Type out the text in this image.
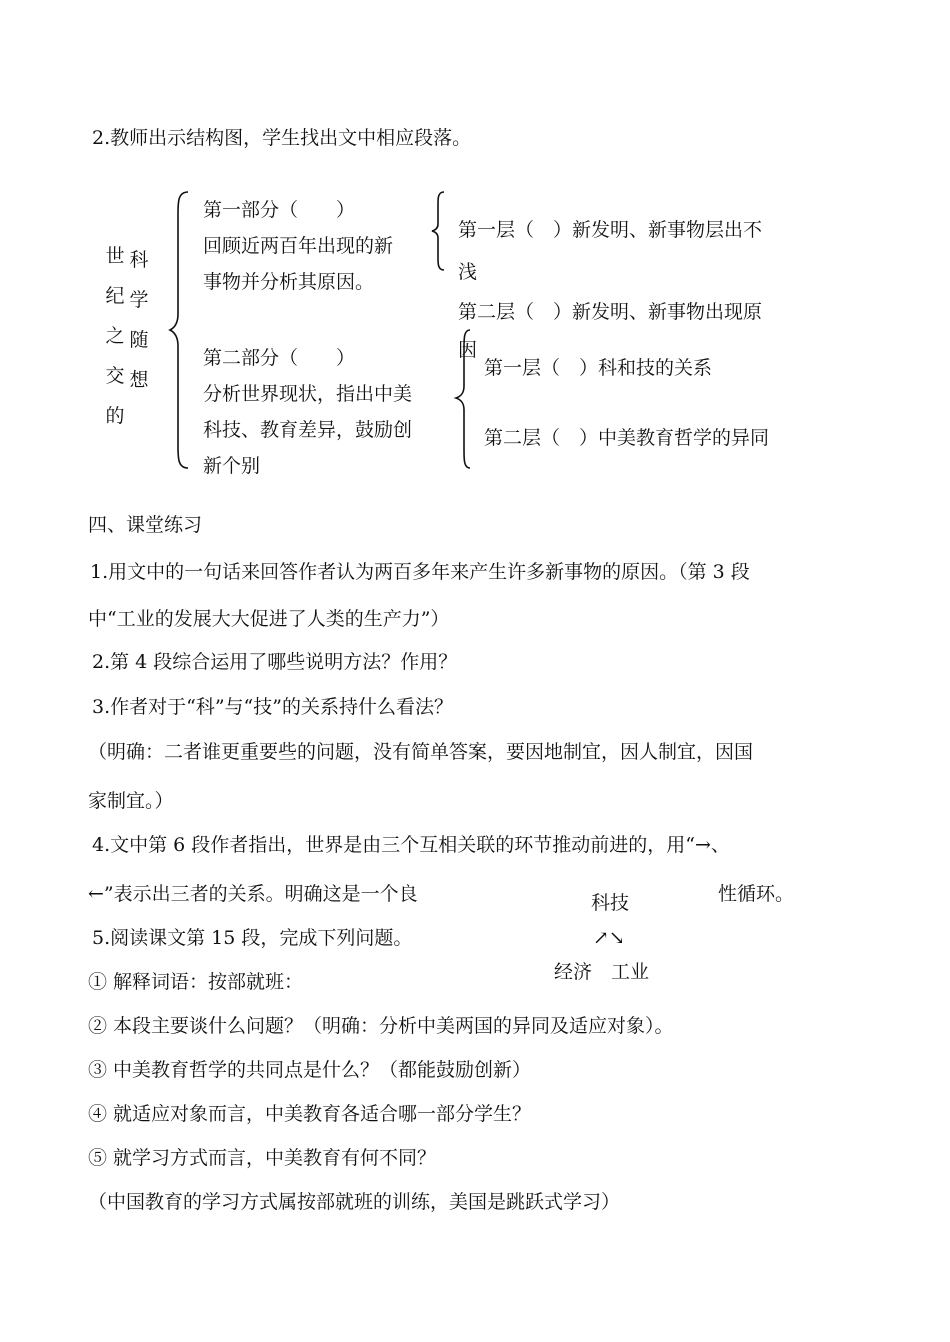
2.教师出示结构图，学生找出文中相应段落。
世
纪
之
交
的
科
学
随
想
第一部分（　　）
回顾近两百年出现的新
事物并分析其原因。
第二部分（　　）
分析世界现状，指出中美
科技、教育差异，鼓励创
新个别
第一层（　）新发明、新事物层出不
浅
第二层（　）新发明、新事物出现原
因
第一层（　）科和技的关系
第二层（　）中美教育哲学的异同
四、课堂练习
1.用文中的一句话来回答作者认为两百多年来产生许多新事物的原因。（第 3 段
中“工业的发展大大促进了人类的生产力”）
2.第 4 段综合运用了哪些说明方法？作用？
3.作者对于“科”与“技”的关系持什么看法？
（明确：二者谁更重要些的问题，没有简单答案，要因地制宜，因人制宜，因国
家制宜。）
4.文中第 6 段作者指出，世界是由三个互相关联的环节推动前进的，用“→、
←”表示出三者的关系。明确这是一个良	性循环。
科技
↗↘
经济　工业
5.阅读课文第 15 段，完成下列问题。
① 解释词语：按部就班：
② 本段主要谈什么问题？（明确：分析中美两国的异同及适应对象）。
③ 中美教育哲学的共同点是什么？（都能鼓励创新）
④ 就适应对象而言，中美教育各适合哪一部分学生？
⑤ 就学习方式而言，中美教育有何不同？
（中国教育的学习方式属按部就班的训练，美国是跳跃式学习）
